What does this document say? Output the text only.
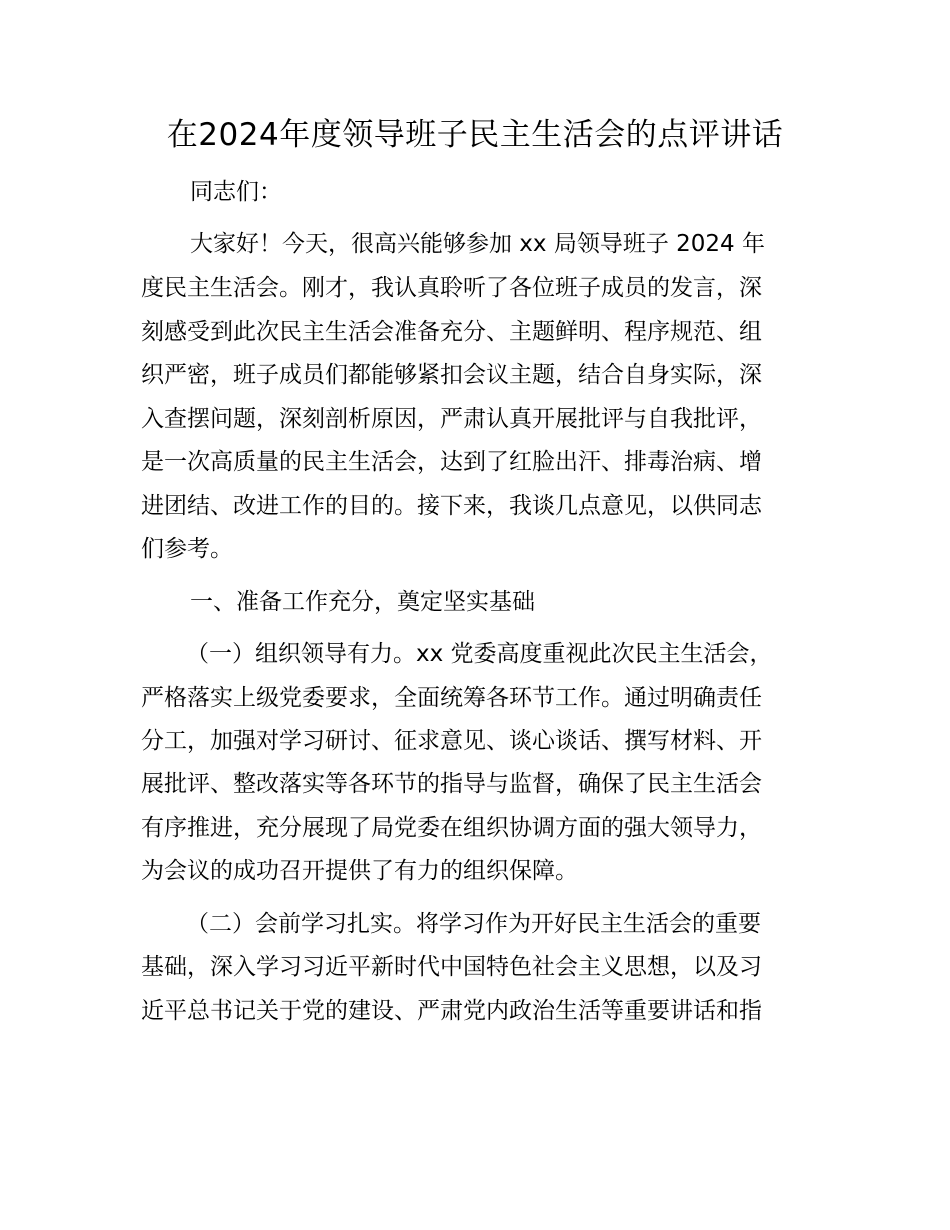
在2024年度领导班子民主生活会的点评讲话

同志们：

大家好！今天，很高兴能够参加 xx 局领导班子 2024 年

度民主生活会。刚才，我认真聆听了各位班子成员的发言，深

刻感受到此次民主生活会准备充分、主题鲜明、程序规范、组

织严密，班子成员们都能够紧扣会议主题，结合自身实际，深

入查摆问题，深刻剖析原因，严肃认真开展批评与自我批评，

是一次高质量的民主生活会，达到了红脸出汗、排毒治病、增

进团结、改进工作的目的。接下来，我谈几点意见，以供同志

们参考。

一、准备工作充分，奠定坚实基础

（一）组织领导有力。xx 党委高度重视此次民主生活会，

严格落实上级党委要求，全面统筹各环节工作。通过明确责任

分工，加强对学习研讨、征求意见、谈心谈话、撰写材料、开

展批评、整改落实等各环节的指导与监督，确保了民主生活会

有序推进，充分展现了局党委在组织协调方面的强大领导力，

为会议的成功召开提供了有力的组织保障。

（二）会前学习扎实。将学习作为开好民主生活会的重要

基础，深入学习习近平新时代中国特色社会主义思想，以及习

近平总书记关于党的建设、严肃党内政治生活等重要讲话和指
